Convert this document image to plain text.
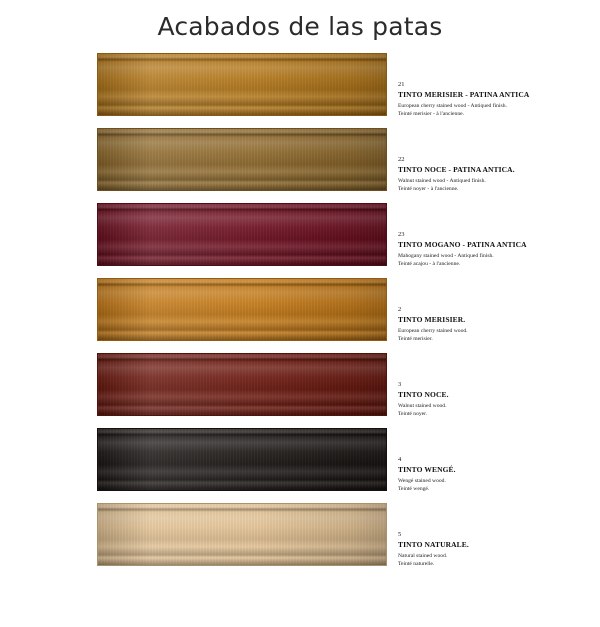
Acabados de las patas
21
TINTO MERISIER - PATINA ANTICA
European cherry stained wood - Antiqued finish.
Teinté merisier - à l'ancienne.
22
TINTO NOCE - PATINA ANTICA.
Walnut stained wood - Antiqued finish.
Teinté noyer - à l'ancienne.
23
TINTO MOGANO - PATINA ANTICA
Mahogany stained wood - Antiqued finish.
Teinté acajou - à l'ancienne.
2
TINTO MERISIER.
European cherry stained wood.
Teinté merisier.
3
TINTO NOCE.
Walnut stained wood.
Teinté noyer.
4
TINTO WENGÉ.
Wengé stained wood.
Teinté wengé.
5
TINTO NATURALE.
Natural stained wood.
Teinté naturelle.
